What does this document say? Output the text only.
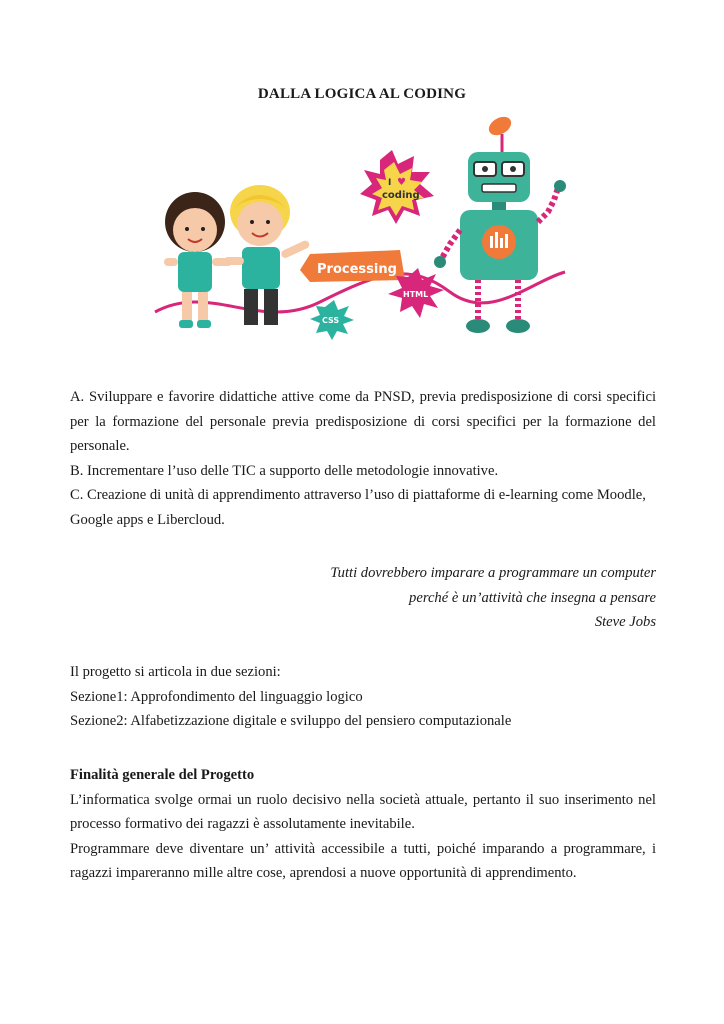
DALLA LOGICA AL CODING
Processing
HTML
CSS
I ♥
coding

A. Sviluppare e favorire didattiche attive come da PNSD, previa predisposizione di corsi specifici per la formazione del personale previa predisposizione di corsi specifici per la formazione del personale.

B. Incrementare l’uso delle TIC a supporto delle metodologie innovative.

C. Creazione di unità di apprendimento attraverso l’uso di piattaforme di e-learning come Moodle, Google apps e Libercloud.

Tutti dovrebbero imparare a programmare un computer
perché è un’attività che insegna a pensare
Steve Jobs

Il progetto si articola in due sezioni:

Sezione1: Approfondimento del linguaggio logico

Sezione2: Alfabetizzazione digitale e sviluppo del pensiero computazionale

Finalità generale del Progetto

L’informatica svolge ormai un ruolo decisivo nella società attuale, pertanto il suo inserimento nel processo formativo dei ragazzi è assolutamente inevitabile.

Programmare deve diventare un’ attività accessibile a tutti, poiché imparando a programmare, i ragazzi impareranno mille altre cose, aprendosi a nuove opportunità di apprendimento.
